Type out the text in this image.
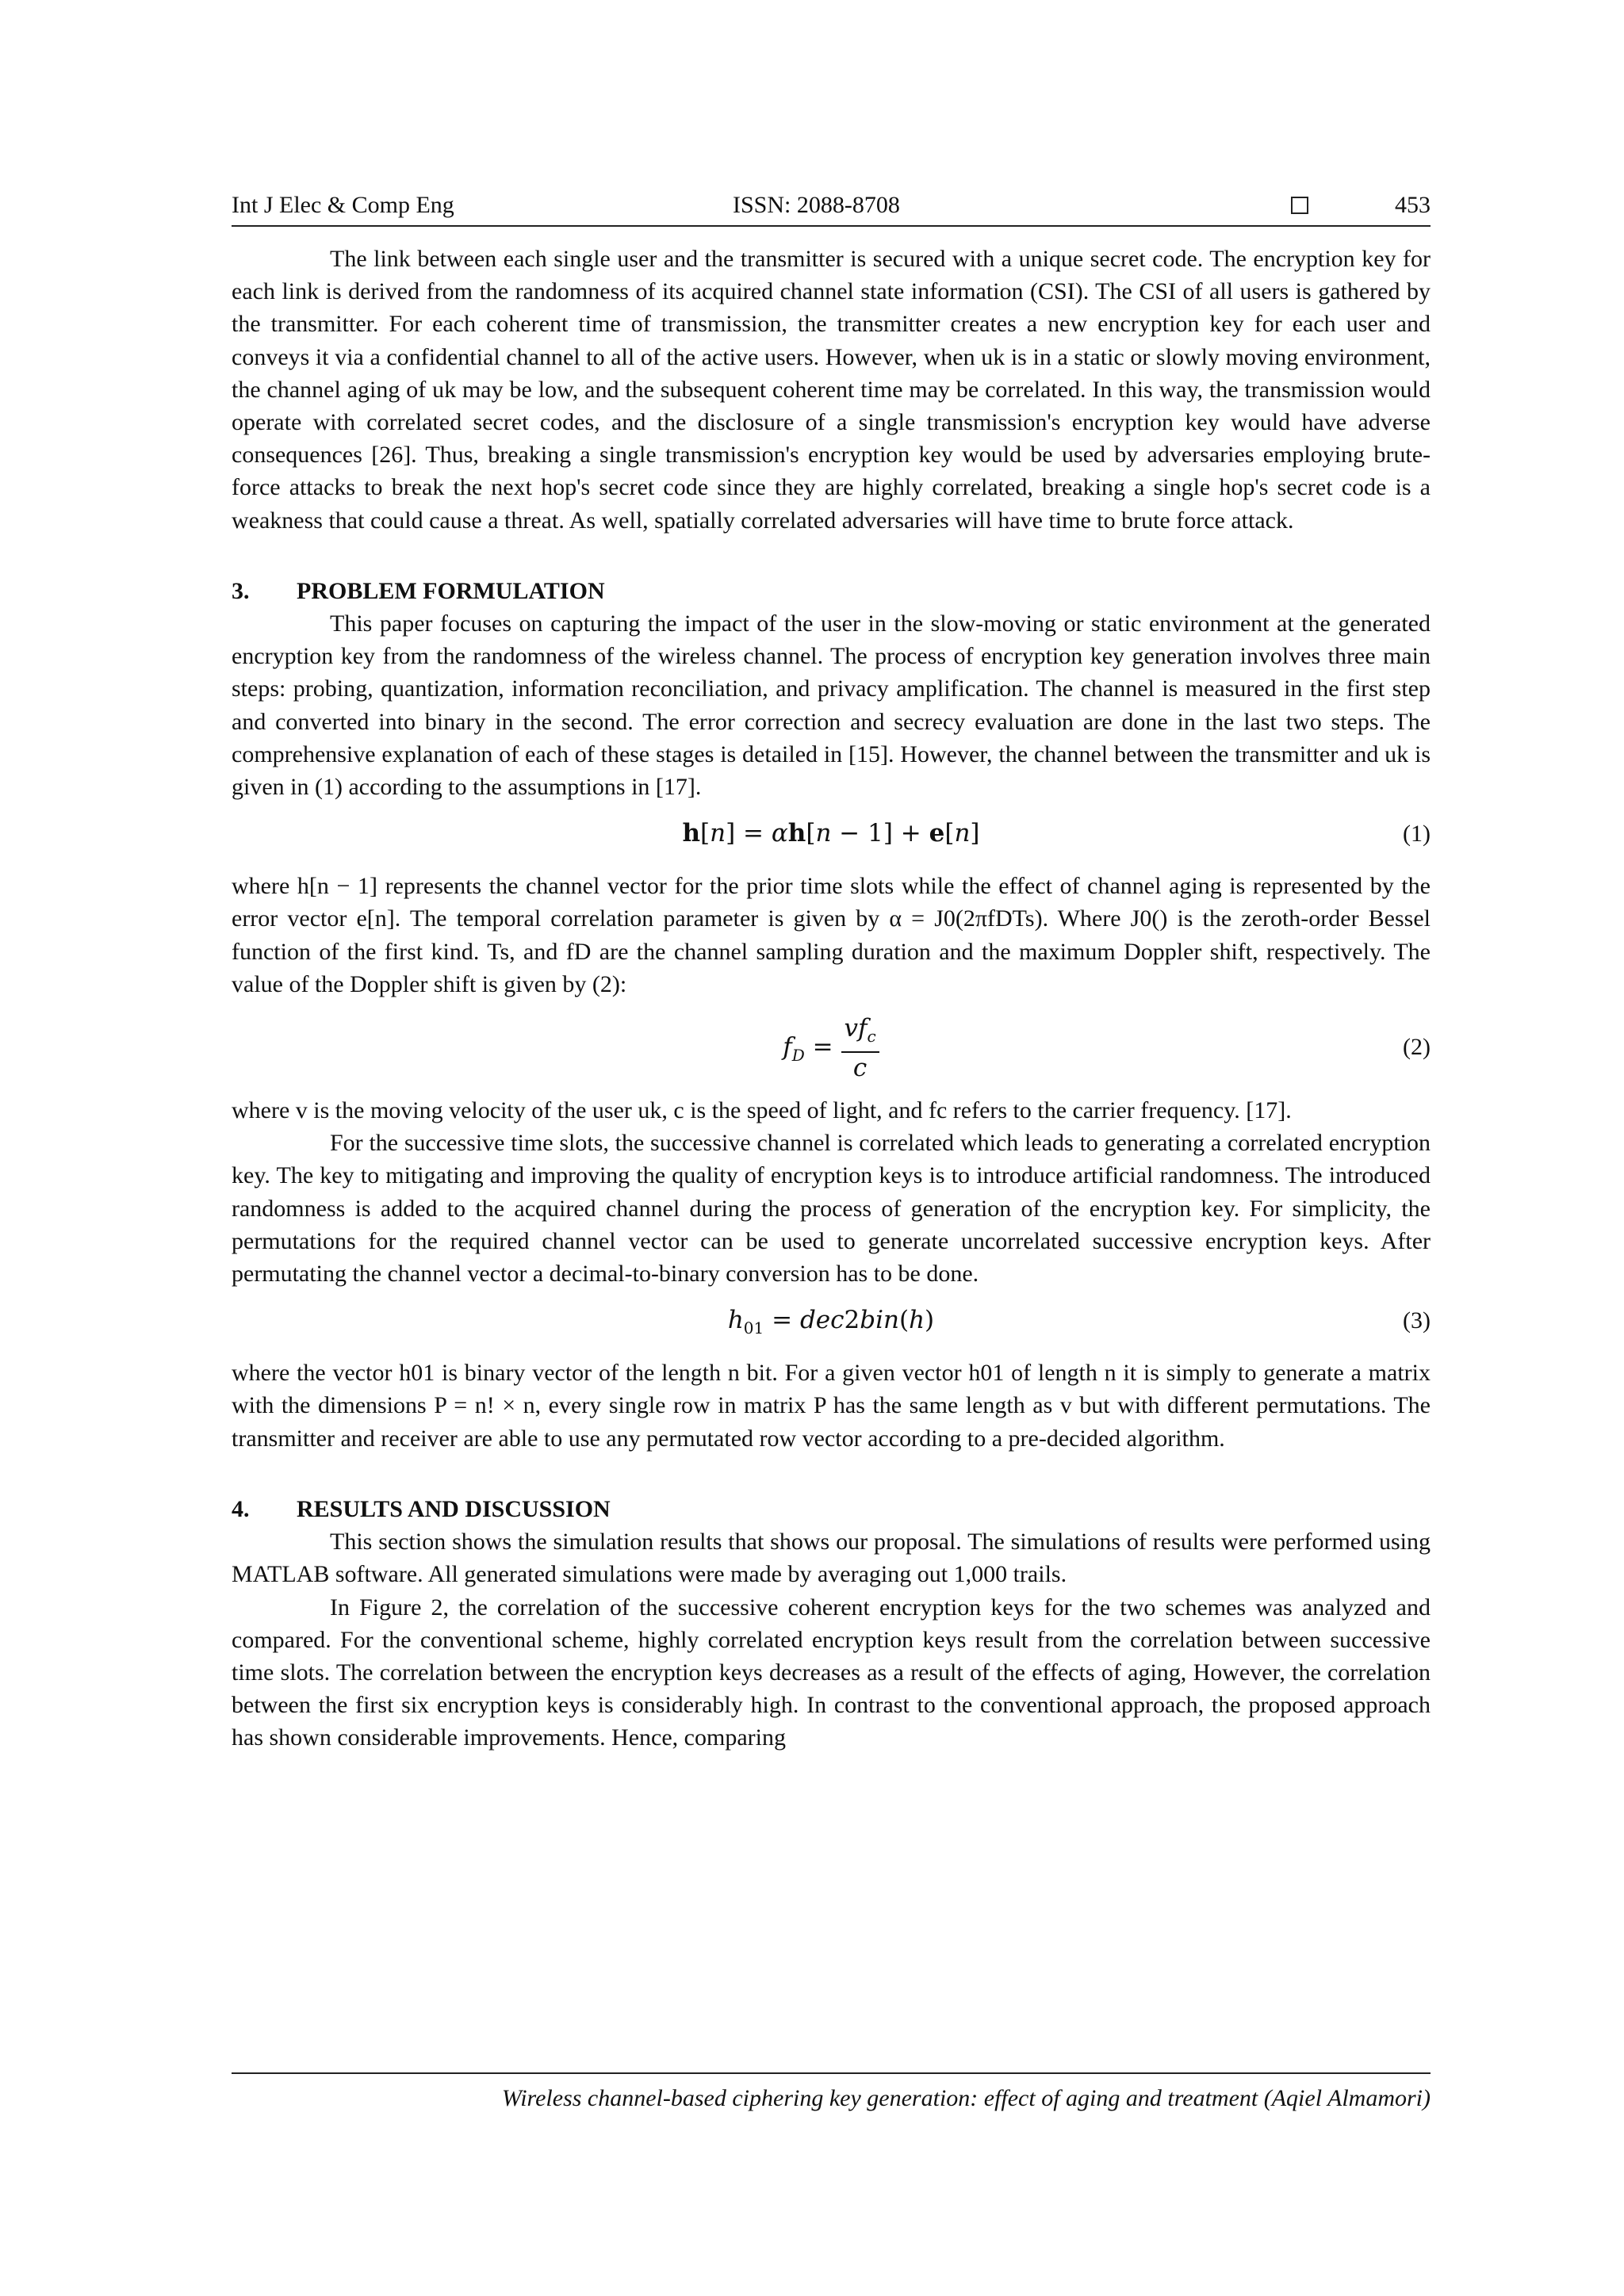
Int J Elec & Comp Eng	ISSN: 2088-8708	453

The link between each single user and the transmitter is secured with a unique secret code. The encryption key for each link is derived from the randomness of its acquired channel state information (CSI). The CSI of all users is gathered by the transmitter. For each coherent time of transmission, the transmitter creates a new encryption key for each user and conveys it via a confidential channel to all of the active users. However, when uk is in a static or slowly moving environment, the channel aging of uk may be low, and the subsequent coherent time may be correlated. In this way, the transmission would operate with correlated secret codes, and the disclosure of a single transmission's encryption key would have adverse consequences [26]. Thus, breaking a single transmission's encryption key would be used by adversaries employing brute-force attacks to break the next hop's secret code since they are highly correlated, breaking a single hop's secret code is a weakness that could cause a threat. As well, spatially correlated adversaries will have time to brute force attack.

3. PROBLEM FORMULATION

This paper focuses on capturing the impact of the user in the slow-moving or static environment at the generated encryption key from the randomness of the wireless channel. The process of encryption key generation involves three main steps: probing, quantization, information reconciliation, and privacy amplification. The channel is measured in the first step and converted into binary in the second. The error correction and secrecy evaluation are done in the last two steps. The comprehensive explanation of each of these stages is detailed in [15]. However, the channel between the transmitter and uk is given in (1) according to the assumptions in [17].

h[n] = αh[n − 1] + e[n]	(1)

where h[n − 1] represents the channel vector for the prior time slots while the effect of channel aging is represented by the error vector e[n]. The temporal correlation parameter is given by α = J0(2πfDTs). Where J0() is the zeroth-order Bessel function of the first kind. Ts, and fD are the channel sampling duration and the maximum Doppler shift, respectively. The value of the Doppler shift is given by (2):

$f_D = \frac{vf_c}{c}$	(2)

where v is the moving velocity of the user uk, c is the speed of light, and fc refers to the carrier frequency. [17].

For the successive time slots, the successive channel is correlated which leads to generating a correlated encryption key. The key to mitigating and improving the quality of encryption keys is to introduce artificial randomness. The introduced randomness is added to the acquired channel during the process of generation of the encryption key. For simplicity, the permutations for the required channel vector can be used to generate uncorrelated successive encryption keys. After permutating the channel vector a decimal-to-binary conversion has to be done.

$h_{01} = dec2bin(h)$	(3)

where the vector h01 is binary vector of the length n bit. For a given vector h01 of length n it is simply to generate a matrix with the dimensions P = n! × n, every single row in matrix P has the same length as v but with different permutations. The transmitter and receiver are able to use any permutated row vector according to a pre-decided algorithm.

4. RESULTS AND DISCUSSION

This section shows the simulation results that shows our proposal. The simulations of results were performed using MATLAB software. All generated simulations were made by averaging out 1,000 trails.

In Figure 2, the correlation of the successive coherent encryption keys for the two schemes was analyzed and compared. For the conventional scheme, highly correlated encryption keys result from the correlation between successive time slots. The correlation between the encryption keys decreases as a result of the effects of aging, However, the correlation between the first six encryption keys is considerably high. In contrast to the conventional approach, the proposed approach has shown considerable improvements. Hence, comparing

Wireless channel-based ciphering key generation: effect of aging and treatment (Aqiel Almamori)
